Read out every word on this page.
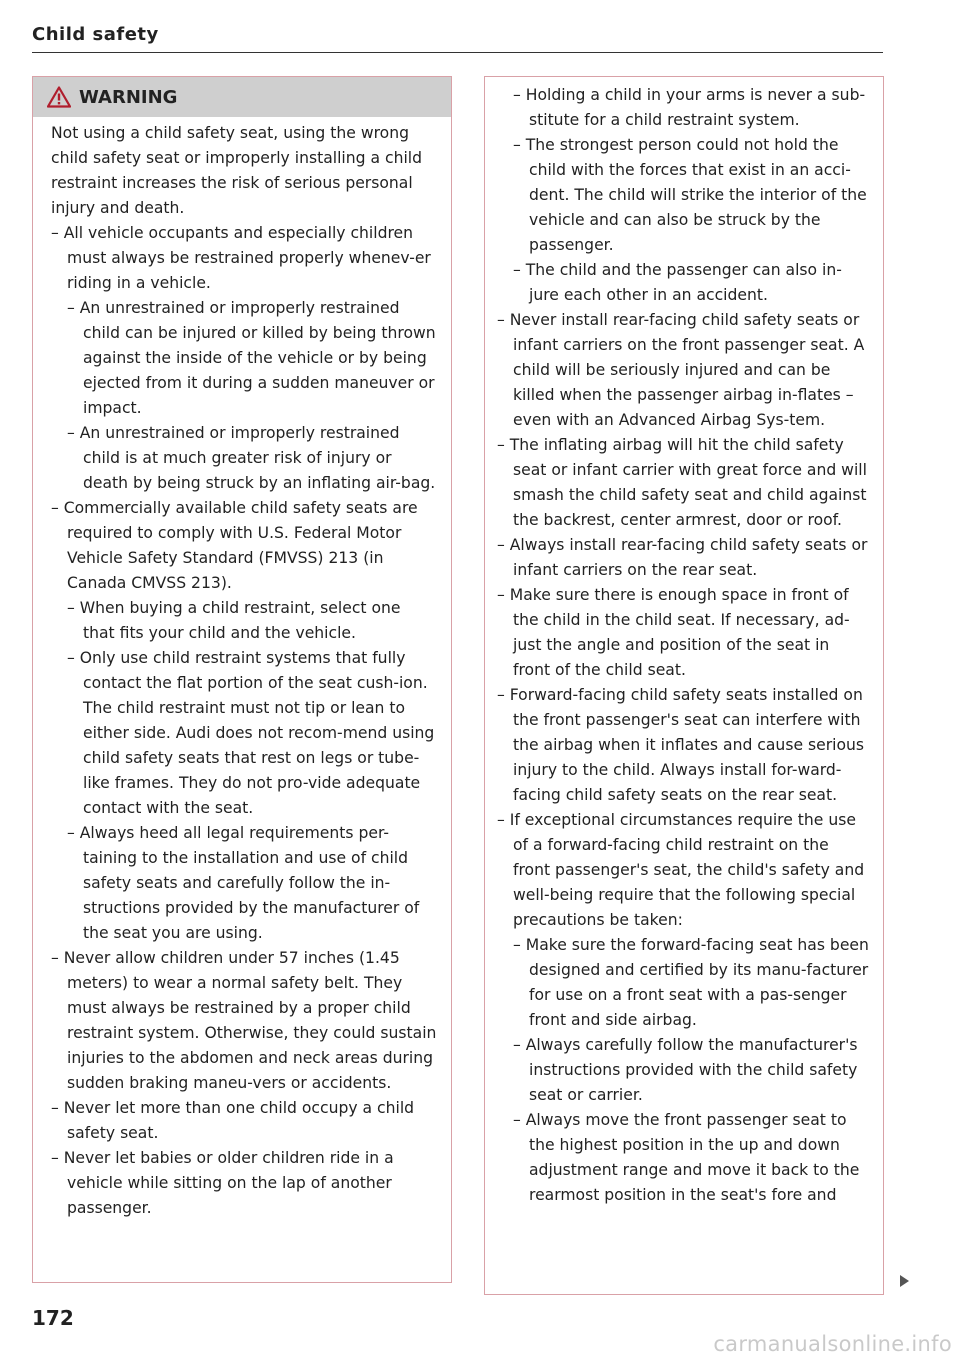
Child safety
WARNING

Not using a child safety seat, using the wrong child safety seat or improperly installing a child restraint increases the risk of serious personal injury and death.

– All vehicle occupants and especially children must always be restrained properly whenev-er riding in a vehicle.

– An unrestrained or improperly restrained child can be injured or killed by being thrown against the inside of the vehicle or by being ejected from it during a sudden maneuver or impact.

– An unrestrained or improperly restrained child is at much greater risk of injury or death by being struck by an inflating air-bag.

– Commercially available child safety seats are required to comply with U.S. Federal Motor Vehicle Safety Standard (FMVSS) 213 (in Canada CMVSS 213).

– When buying a child restraint, select one that fits your child and the vehicle.

– Only use child restraint systems that fully contact the flat portion of the seat cush-ion. The child restraint must not tip or lean to either side. Audi does not recom-mend using child safety seats that rest on legs or tube-like frames. They do not pro-vide adequate contact with the seat.

– Always heed all legal requirements per-taining to the installation and use of child safety seats and carefully follow the in-structions provided by the manufacturer of the seat you are using.

– Never allow children under 57 inches (1.45 meters) to wear a normal safety belt. They must always be restrained by a proper child restraint system. Otherwise, they could sustain injuries to the abdomen and neck areas during sudden braking maneu-vers or accidents.

– Never let more than one child occupy a child safety seat.

– Never let babies or older children ride in a vehicle while sitting on the lap of another passenger.

– Holding a child in your arms is never a sub-stitute for a child restraint system.

– The strongest person could not hold the child with the forces that exist in an acci-dent. The child will strike the interior of the vehicle and can also be struck by the passenger.

– The child and the passenger can also in-jure each other in an accident.

– Never install rear-facing child safety seats or infant carriers on the front passenger seat. A child will be seriously injured and can be killed when the passenger airbag in-flates – even with an Advanced Airbag Sys-tem.

– The inflating airbag will hit the child safety seat or infant carrier with great force and will smash the child safety seat and child against the backrest, center armrest, door or roof.

– Always install rear-facing child safety seats or infant carriers on the rear seat.

– Make sure there is enough space in front of the child in the child seat. If necessary, ad-just the angle and position of the seat in front of the child seat.

– Forward-facing child safety seats installed on the front passenger's seat can interfere with the airbag when it inflates and cause serious injury to the child. Always install for-ward-facing child safety seats on the rear seat.

– If exceptional circumstances require the use of a forward-facing child restraint on the front passenger's seat, the child's safety and well-being require that the following special precautions be taken:

– Make sure the forward-facing seat has been designed and certified by its manu-facturer for use on a front seat with a pas-senger front and side airbag.

– Always carefully follow the manufacturer's instructions provided with the child safety seat or carrier.

– Always move the front passenger seat to the highest position in the up and down adjustment range and move it back to the rearmost position in the seat's fore and

172
carmanualsonline.info
